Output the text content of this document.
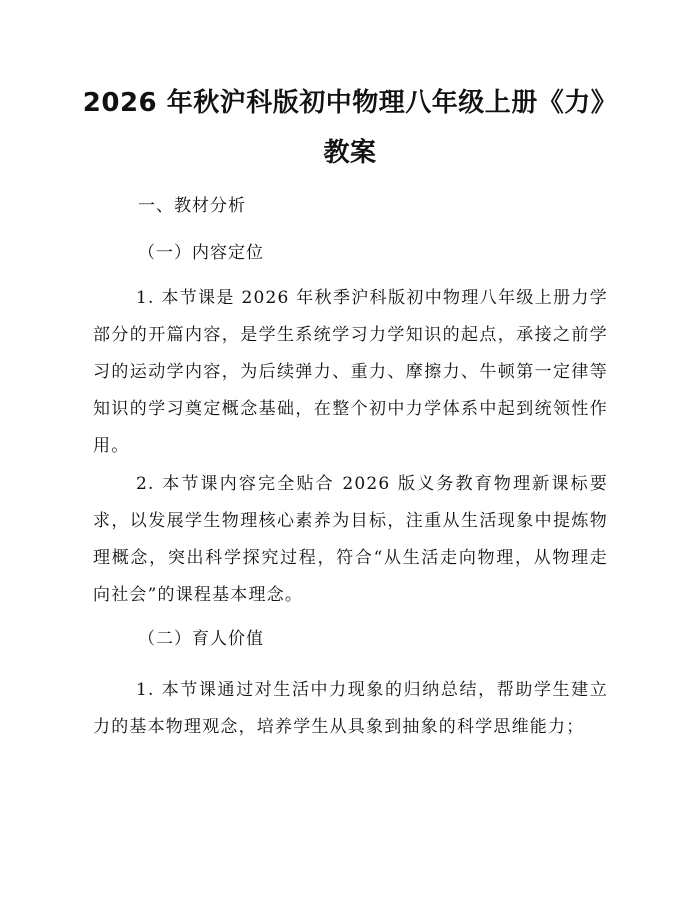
2026 年秋沪科版初中物理八年级上册《力》
教案
一、教材分析
（一）内容定位

1. 本节课是 2026 年秋季沪科版初中物理八年级上册力学部分的开篇内容，是学生系统学习力学知识的起点，承接之前学习的运动学内容，为后续弹力、重力、摩擦力、牛顿第一定律等知识的学习奠定概念基础，在整个初中力学体系中起到统领性作用。

2. 本节课内容完全贴合 2026 版义务教育物理新课标要求，以发展学生物理核心素养为目标，注重从生活现象中提炼物理概念，突出科学探究过程，符合“从生活走向物理，从物理走向社会”的课程基本理念。

（二）育人价值

1. 本节课通过对生活中力现象的归纳总结，帮助学生建立力的基本物理观念，培养学生从具象到抽象的科学思维能力；
